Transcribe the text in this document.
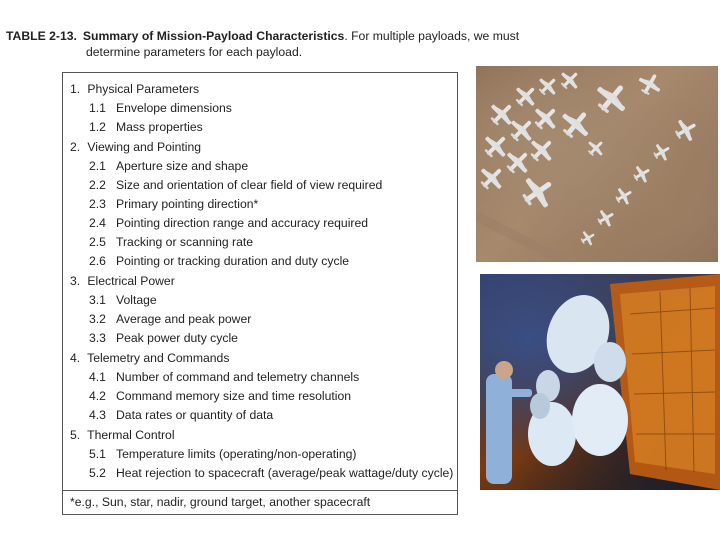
TABLE 2-13. Summary of Mission-Payload Characteristics. For multiple payloads, we must
determine parameters for each payload.
1. Physical Parameters
1.1 Envelope dimensions
1.2 Mass properties
2. Viewing and Pointing
2.1 Aperture size and shape
2.2 Size and orientation of clear field of view required
2.3 Primary pointing direction*
2.4 Pointing direction range and accuracy required
2.5 Tracking or scanning rate
2.6 Pointing or tracking duration and duty cycle
3. Electrical Power
3.1 Voltage
3.2 Average and peak power
3.3 Peak power duty cycle
4. Telemetry and Commands
4.1 Number of command and telemetry channels
4.2 Command memory size and time resolution
4.3 Data rates or quantity of data
5. Thermal Control
5.1 Temperature limits (operating/non-operating)
5.2 Heat rejection to spacecraft (average/peak wattage/duty cycle)
*e.g., Sun, star, nadir, ground target, another spacecraft
